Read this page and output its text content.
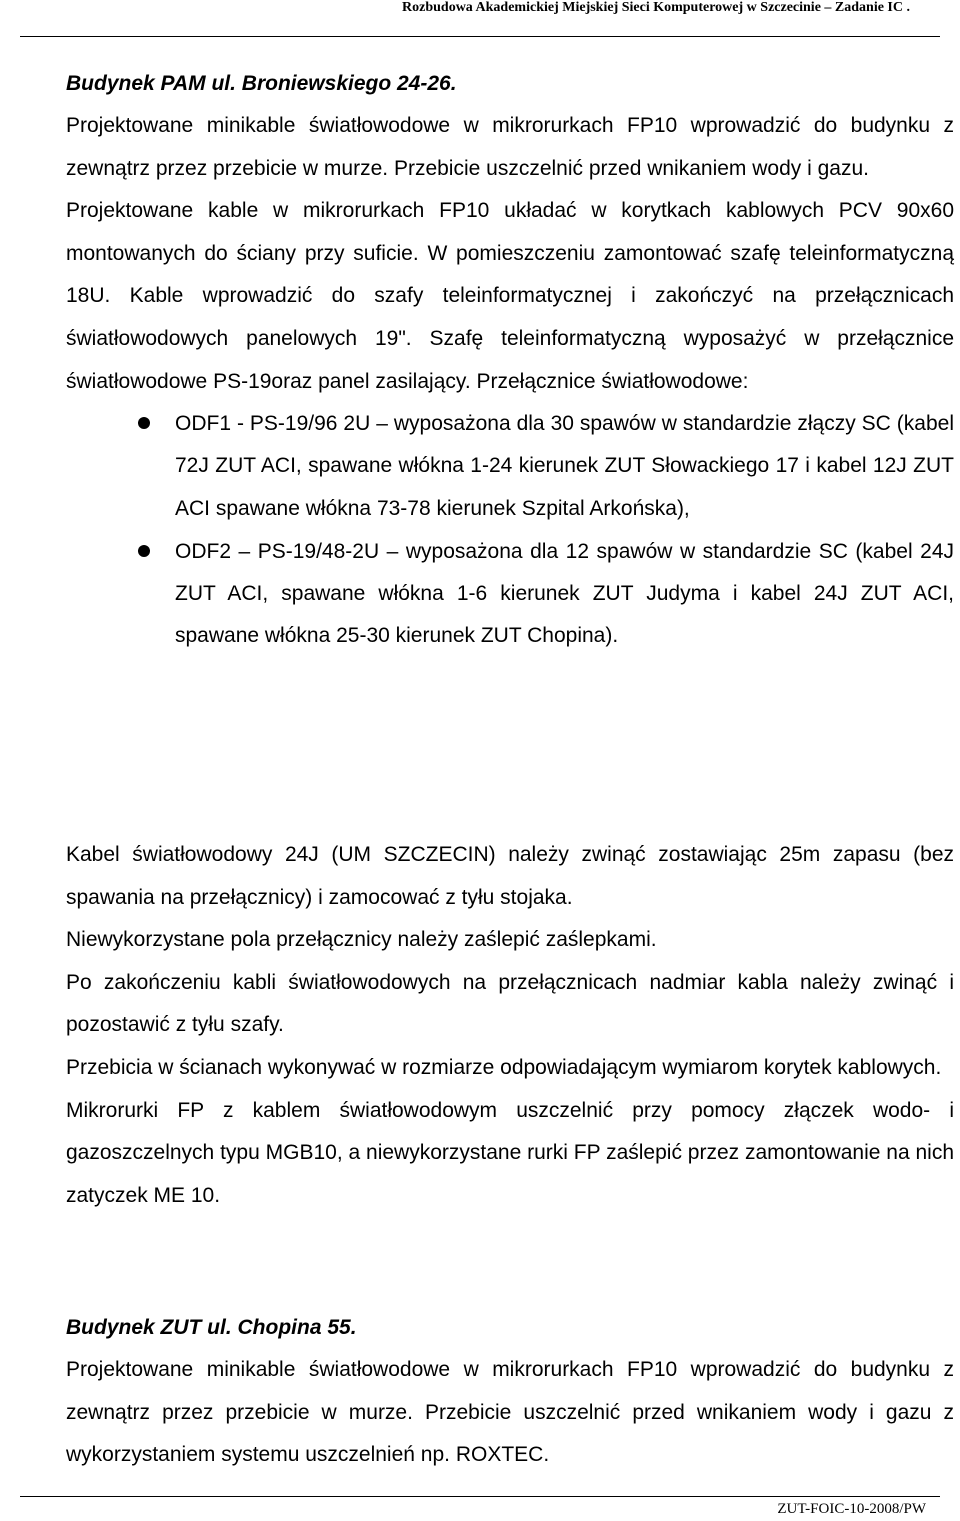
Rozbudowa Akademickiej Miejskiej Sieci Komputerowej w Szczecinie – Zadanie IC .
Budynek PAM ul. Broniewskiego 24-26.

Projektowane minikable światłowodowe w mikrorurkach FP10 wprowadzić do budynku z zewnątrz przez przebicie w murze. Przebicie uszczelnić przed wnikaniem wody i gazu.

Projektowane kable w mikrorurkach FP10 układać w korytkach kablowych PCV 90x60 montowanych do ściany przy suficie. W pomieszczeniu zamontować szafę teleinformatyczną 18U. Kable wprowadzić do szafy teleinformatycznej i zakończyć na przełącznicach światłowodowych panelowych 19". Szafę teleinformatyczną wyposażyć w przełącznice światłowodowe PS-19oraz panel zasilający. Przełącznice światłowodowe:

ODF1 - PS-19/96 2U – wyposażona dla 30 spawów w standardzie złączy SC (kabel 72J ZUT ACI, spawane włókna 1-24 kierunek ZUT Słowackiego 17 i kabel 12J ZUT ACI spawane włókna 73-78 kierunek Szpital Arkońska),
ODF2 – PS-19/48-2U – wyposażona dla 12 spawów w standardzie SC (kabel 24J ZUT ACI, spawane włókna 1-6 kierunek ZUT Judyma i kabel 24J ZUT ACI, spawane włókna 25-30 kierunek ZUT Chopina).

Kabel światłowodowy 24J (UM SZCZECIN) należy zwinąć zostawiając 25m zapasu (bez spawania na przełącznicy) i zamocować z tyłu stojaka.

Niewykorzystane pola przełącznicy należy zaślepić zaślepkami.

Po zakończeniu kabli światłowodowych na przełącznicach nadmiar kabla należy zwinąć i pozostawić z tyłu szafy.

Przebicia w ścianach wykonywać w rozmiarze odpowiadającym wymiarom korytek kablowych.

Mikrorurki FP z kablem światłowodowym uszczelnić przy pomocy złączek wodo- i gazoszczelnych typu MGB10, a niewykorzystane rurki FP zaślepić przez zamontowanie na nich zatyczek ME 10.

Budynek ZUT ul. Chopina 55.

Projektowane minikable światłowodowe w mikrorurkach FP10 wprowadzić do budynku z zewnątrz przez przebicie w murze. Przebicie uszczelnić przed wnikaniem wody i gazu z wykorzystaniem systemu uszczelnień np. ROXTEC.

ZUT-FOIC-10-2008/PW
